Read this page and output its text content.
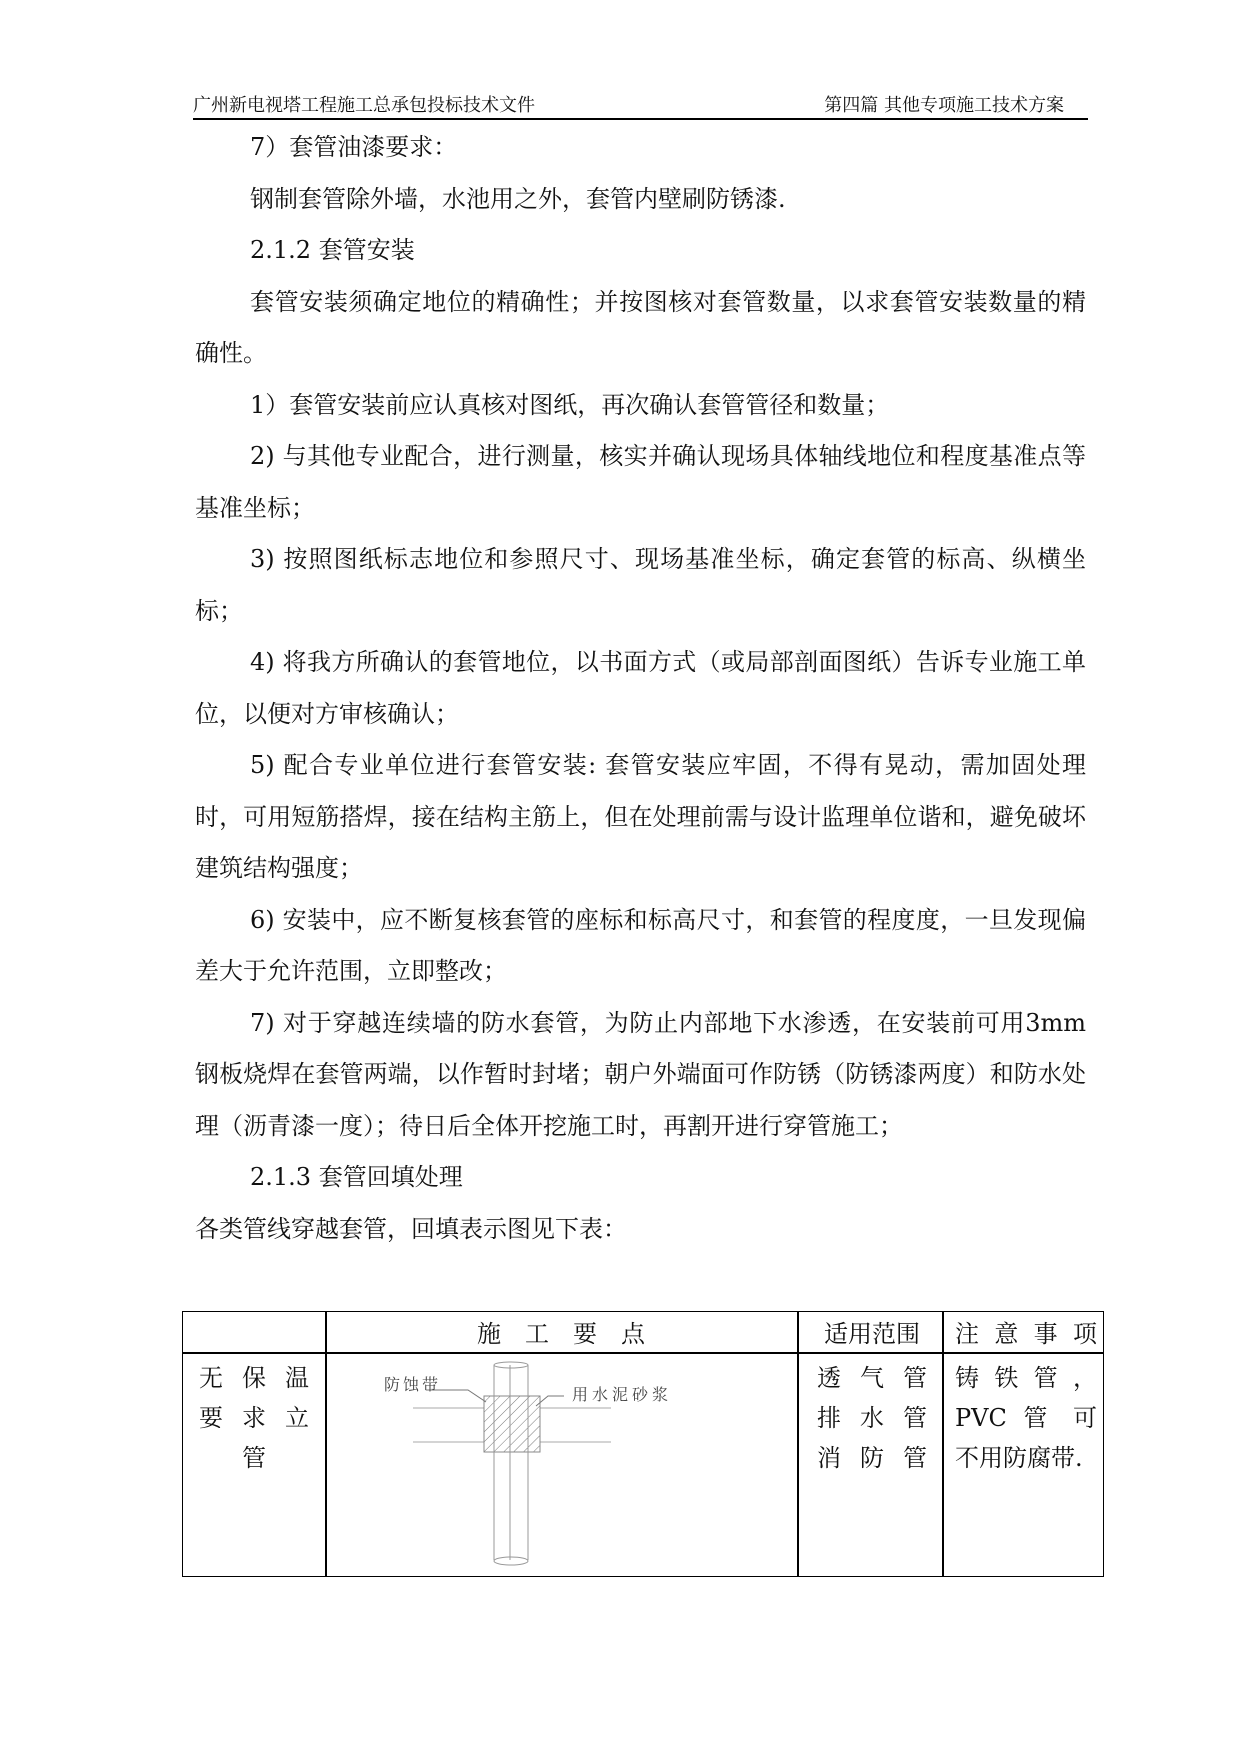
广州新电视塔工程施工总承包投标技术文件	第四篇 其他专项施工技术方案

7）套管油漆要求：

钢制套管除外墙，水池用之外，套管内壁刷防锈漆.

2.1.2 套管安装

套管安装须确定地位的精确性；并按图核对套管数量，以求套管安装数量的精确性。

1）套管安装前应认真核对图纸，再次确认套管管径和数量；

2) 与其他专业配合，进行测量，核实并确认现场具体轴线地位和程度基准点等基准坐标；

3) 按照图纸标志地位和参照尺寸、现场基准坐标，确定套管的标高、纵横坐标；

4) 将我方所确认的套管地位，以书面方式（或局部剖面图纸）告诉专业施工单位，以便对方审核确认；

5) 配合专业单位进行套管安装: 套管安装应牢固，不得有晃动，需加固处理时，可用短筋搭焊，接在结构主筋上，但在处理前需与设计监理单位谐和，避免破坏建筑结构强度；

6) 安装中，应不断复核套管的座标和标高尺寸，和套管的程度度，一旦发现偏差大于允许范围，立即整改；

7) 对于穿越连续墙的防水套管，为防止内部地下水渗透，在安装前可用3mm 钢板烧焊在套管两端，以作暂时封堵；朝户外端面可作防锈（防锈漆两度）和防水处理（沥青漆一度）；待日后全体开挖施工时，再割开进行穿管施工；

2.1.3 套管回填处理

各类管线穿越套管，回填表示图见下表：

施　工　要　点	适用范围 注 意 事 项
无 保 温
要 求 立
管
透 气 管
排 水 管
消 防 管
铸 铁 管 ，
PVC 管 可
不用防腐带.
防蚀带
用水泥砂浆
